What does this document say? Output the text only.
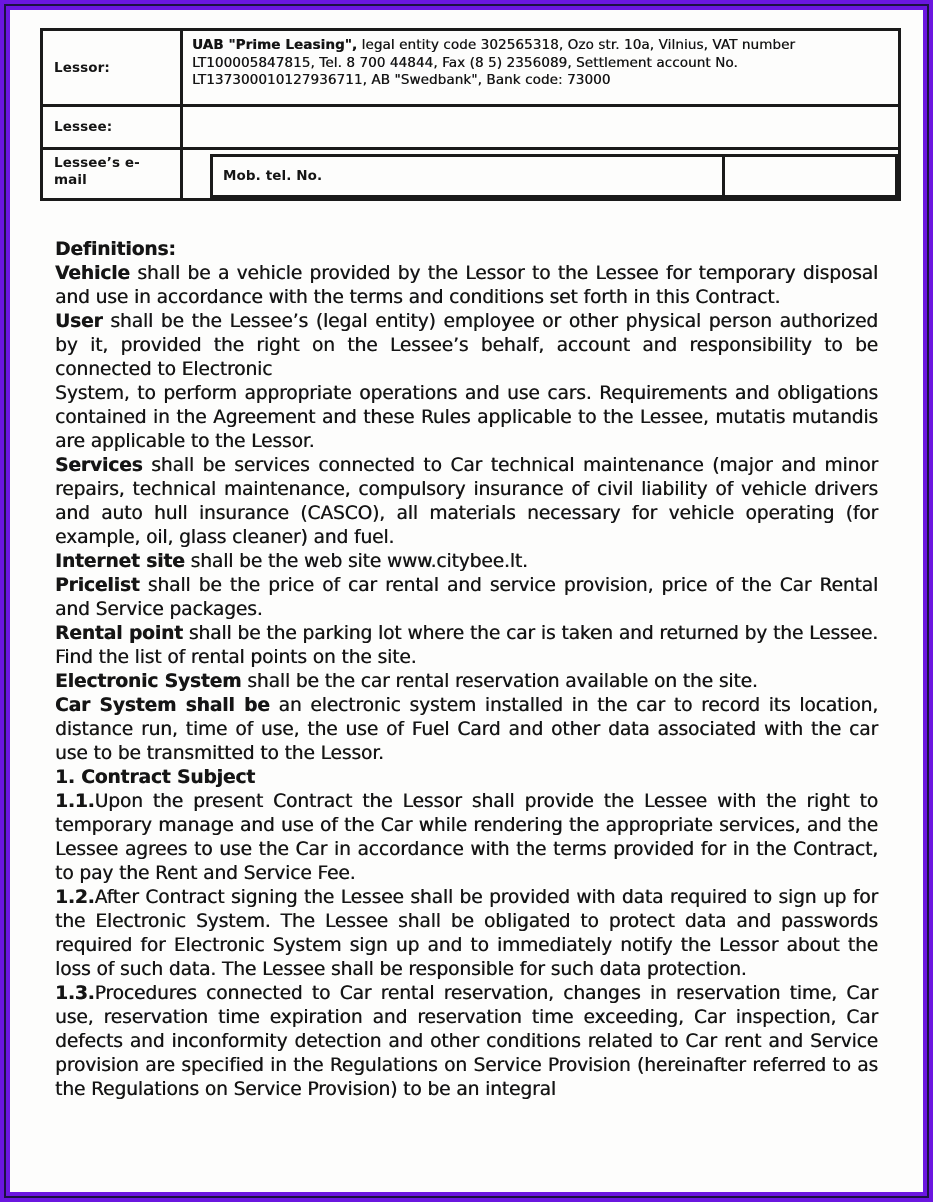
Lessor:
UAB "Prime Leasing", legal entity code 302565318, Ozo str. 10a, Vilnius, VAT number LT100005847815, Tel. 8 700 44844, Fax (8 5) 2356089, Settlement account No. LT137300010127936711, AB "Swedbank", Bank code: 73000
Lessee:
Lessee’s e-mail	Mob. tel. No.

Definitions:

Vehicle shall be a vehicle provided by the Lessor to the Lessee for temporary disposal and use in accordance with the terms and conditions set forth in this Contract.

User shall be the Lessee’s (legal entity) employee or other physical person authorized by it, provided the right on the Lessee’s behalf, account and responsibility to be connected to Electronic

System, to perform appropriate operations and use cars. Requirements and obligations contained in the Agreement and these Rules applicable to the Lessee, mutatis mutandis are applicable to the Lessor.

Services shall be services connected to Car technical maintenance (major and minor repairs, technical maintenance, compulsory insurance of civil liability of vehicle drivers and auto hull insurance (CASCO), all materials necessary for vehicle operating (for example, oil, glass cleaner) and fuel.

Internet site shall be the web site www.citybee.lt.

Pricelist shall be the price of car rental and service provision, price of the Car Rental and Service packages.

Rental point shall be the parking lot where the car is taken and returned by the Lessee. Find the list of rental points on the site.

Electronic System shall be the car rental reservation available on the site.

Car System shall be an electronic system installed in the car to record its location, distance run, time of use, the use of Fuel Card and other data associated with the car use to be transmitted to the Lessor.

1. Contract Subject

1.1.Upon the present Contract the Lessor shall provide the Lessee with the right to temporary manage and use of the Car while rendering the appropriate services, and the Lessee agrees to use the Car in accordance with the terms provided for in the Contract, to pay the Rent and Service Fee.

1.2.After Contract signing the Lessee shall be provided with data required to sign up for the Electronic System. The Lessee shall be obligated to protect data and passwords required for Electronic System sign up and to immediately notify the Lessor about the loss of such data. The Lessee shall be responsible for such data protection.

1.3.Procedures connected to Car rental reservation, changes in reservation time, Car use, reservation time expiration and reservation time exceeding, Car inspection, Car defects and inconformity detection and other conditions related to Car rent and Service provision are specified in the Regulations on Service Provision (hereinafter referred to as the Regulations on Service Provision) to be an integral
